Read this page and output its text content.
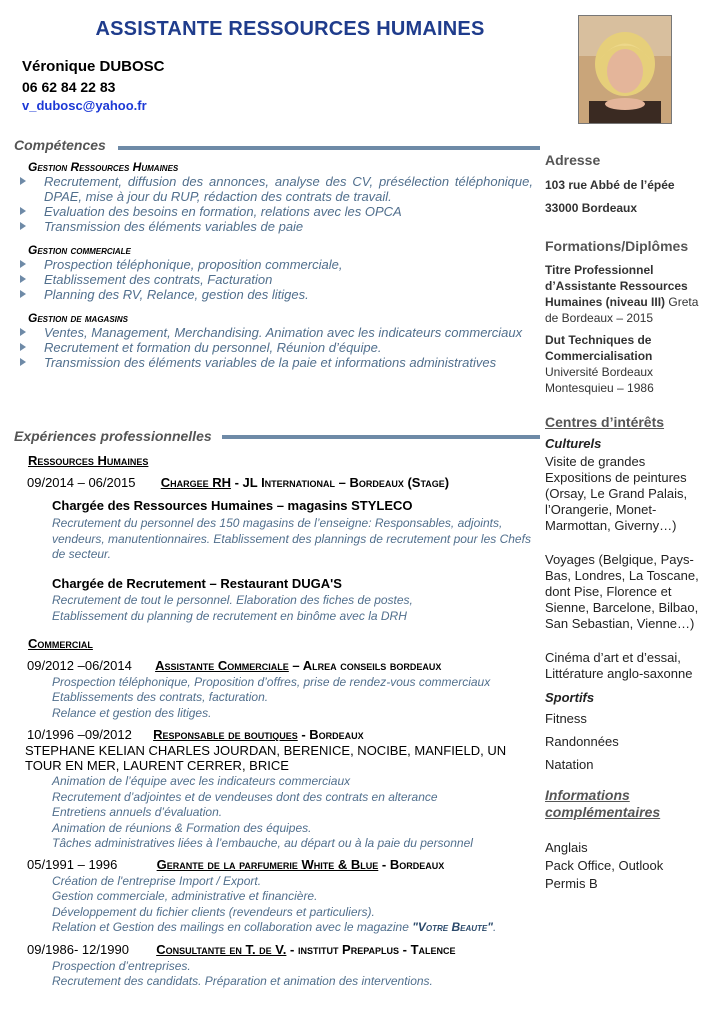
ASSISTANTE RESSOURCES HUMAINES
Véronique DUBOSC
06 62 84 22 83
v_dubosc@yahoo.fr
Compétences
Gestion Ressources Humaines
Recrutement, diffusion des annonces, analyse des CV, présélection téléphonique, DPAE, mise à jour du RUP, rédaction des contrats de travail.
Evaluation des besoins en formation, relations avec les OPCA
Transmission des éléments variables de paie
Gestion commerciale
Prospection téléphonique, proposition commerciale,
Etablissement des contrats, Facturation
Planning des RV, Relance, gestion des litiges.
Gestion de magasins
Ventes, Management, Merchandising. Animation avec les indicateurs commerciaux
Recrutement et formation du personnel, Réunion d’équipe.
Transmission des éléments variables de la paie et informations administratives
Expériences professionnelles
Ressources Humaines
09/2014 – 06/2015 Chargee RH - JL International – Bordeaux (Stage)
Chargée des Ressources Humaines – magasins STYLECO
Recrutement du personnel des 150 magasins de l’enseigne: Responsables, adjoints, vendeurs, manutentionnaires. Etablissement des plannings de recrutement pour les Chefs de secteur.
Chargée de Recrutement – Restaurant DUGA'S
Recrutement de tout le personnel. Elaboration des fiches de postes,
Etablissement du planning de recrutement en binôme avec la DRH
Commercial
09/2012 –06/2014 Assistante Commerciale – Alrea conseils bordeaux
Prospection téléphonique, Proposition d’offres, prise de rendez-vous commerciaux
Etablissements des contrats, facturation.
Relance et gestion des litiges.
10/1996 –09/2012 Responsable de boutiques - Bordeaux
STEPHANE KELIAN CHARLES JOURDAN, BERENICE, NOCIBE, MANFIELD, UN TOUR EN MER, LAURENT CERRER, BRICE
Animation de l’équipe avec les indicateurs commerciaux
Recrutement d’adjointes et de vendeuses dont des contrats en alterance
Entretiens annuels d’évaluation.
Animation de réunions & Formation des équipes.
Tâches administratives liées à l’embauche, au départ ou à la paie du personnel
05/1991 – 1996	Gerante de la parfumerie White & Blue - Bordeaux
Création de l'entreprise Import / Export.
Gestion commerciale, administrative et financière.
Développement du fichier clients (revendeurs et particuliers).
Relation et Gestion des mailings en collaboration avec le magazine "Votre Beaute".
09/1986- 12/1990 Consultante en T. de V. - institut Prepaplus - Talence
Prospection d’entreprises.
Recrutement des candidats. Préparation et animation des interventions.
Adresse
103 rue Abbé de l’épée
33000 Bordeaux
Formations/Diplômes
Titre Professionnel d’Assistante Ressources Humaines (niveau III) Greta de Bordeaux – 2015
Dut Techniques de Commercialisation Université Bordeaux Montesquieu – 1986
Centres d’intérêts
Culturels
Visite de grandes Expositions de peintures (Orsay, Le Grand Palais, l’Orangerie, Monet-Marmottan, Giverny…)
Voyages (Belgique, Pays-Bas, Londres, La Toscane, dont Pise, Florence et Sienne, Barcelone, Bilbao, San Sebastian, Vienne…)
Cinéma d’art et d’essai, Littérature anglo-saxonne
Sportifs
Fitness
Randonnées
Natation
Informations complémentaires
Anglais
Pack Office, Outlook
Permis B
